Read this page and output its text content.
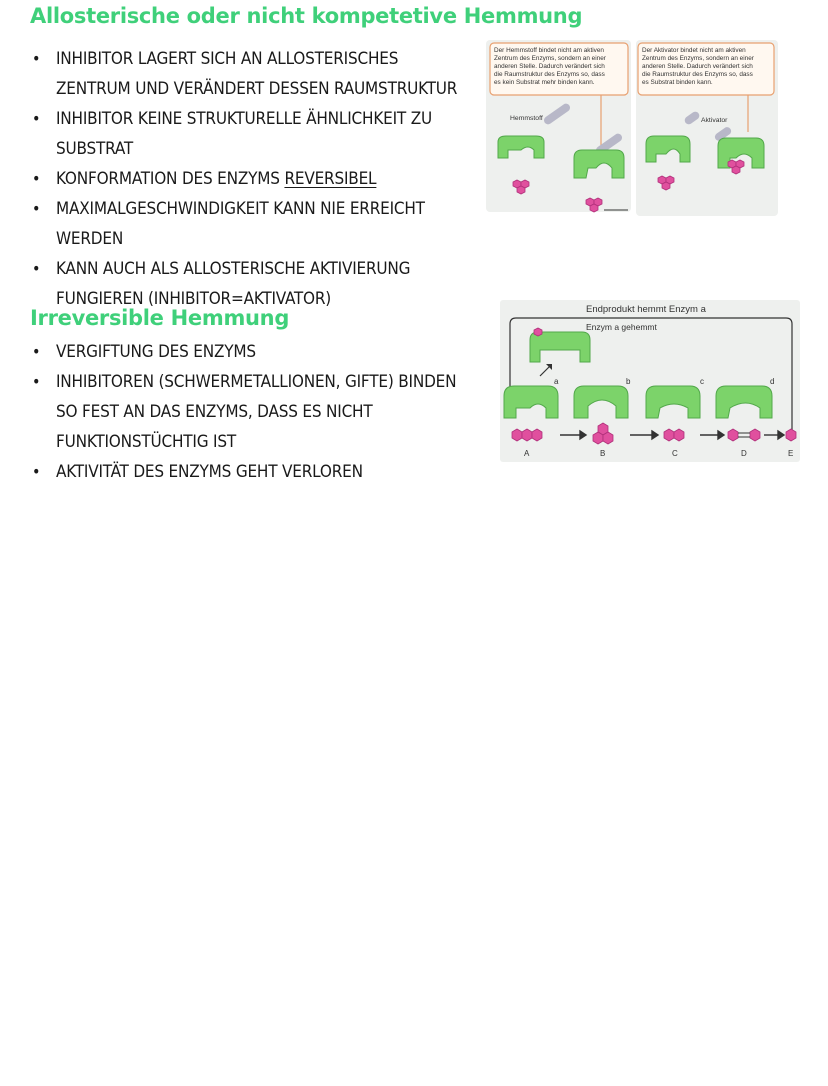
Allosterische oder nicht kompetetive Hemmung
• INHIBITOR LAGERT SICH AN ALLOSTERISCHES ZENTRUM UND VERÄNDERT DESSEN RAUMSTRUKTUR
• INHIBITOR KEINE STRUKTURELLE ÄHNLICHKEIT ZU SUBSTRAT
• KONFORMATION DES ENZYMS REVERSIBEL
• MAXIMALGESCHWINDIGKEIT KANN NIE ERREICHT WERDEN
• KANN AUCH ALS ALLOSTERISCHE AKTIVIERUNG FUNGIEREN (INHIBITOR=AKTIVATOR)
Der Hemmstoff bindet nicht am aktiven
Zentrum des Enzyms, sondern an einer
anderen Stelle. Dadurch verändert sich
die Raumstruktur des Enzyms so, dass
es kein Substrat mehr binden kann.
Der Aktivator bindet nicht am aktiven
Zentrum des Enzyms, sondern an einer
anderen Stelle. Dadurch verändert sich
die Raumstruktur des Enzyms so, dass
es Substrat binden kann.
Hemmstoff	Aktivator
Irreversible Hemmung
• VERGIFTUNG DES ENZYMS
• INHIBITOREN (SCHWERMETALLIONEN, GIFTE) BINDEN SO FEST AN DAS ENZYMS, DASS ES NICHT FUNKTIONSTÜCHTIG IST
• AKTIVITÄT DES ENZYMS GEHT VERLOREN
Endprodukt hemmt Enzym a
Enzym a gehemmt
a	b	c	d
A	B	C	D	E
